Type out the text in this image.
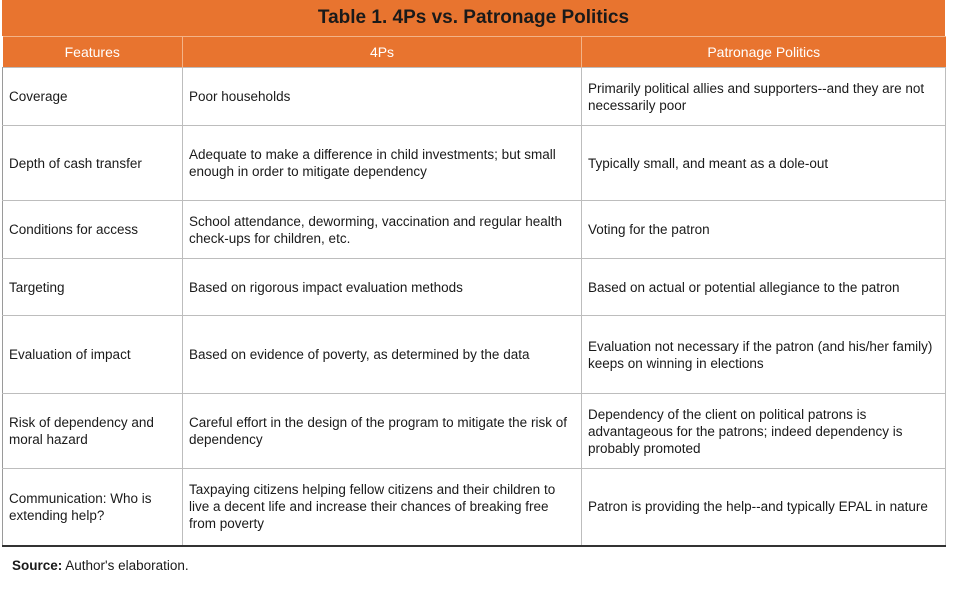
Table 1. 4Ps vs. Patronage Politics
Features	4Ps	Patronage Politics
Coverage	Poor households	Primarily political allies and supporters--and they are not necessarily poor
Depth of cash transfer	Adequate to make a difference in child investments; but small enough in order to mitigate dependency	Typically small, and meant as a dole-out
Conditions for access	School attendance, deworming, vaccination and regular health check-ups for children, etc.	Voting for the patron
Targeting	Based on rigorous impact evaluation methods	Based on actual or potential allegiance to the patron
Evaluation of impact	Based on evidence of poverty, as determined by the data	Evaluation not necessary if the patron (and his/her family) keeps on winning in elections
Risk of dependency and moral hazard	Careful effort in the design of the program to mitigate the risk of dependency	Dependency of the client on political patrons is advantageous for the patrons; indeed dependency is probably promoted
Communication: Who is extending help?	Taxpaying citizens helping fellow citizens and their children to live a decent life and increase their chances of breaking free from poverty	Patron is providing the help--and typically EPAL in nature
Source: Author's elaboration.
